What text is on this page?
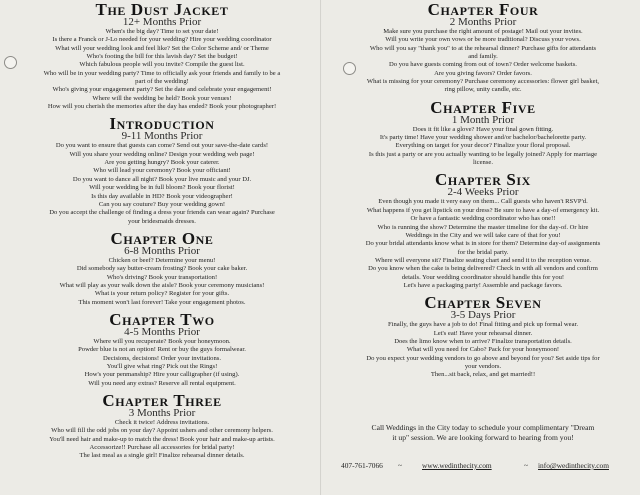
The Dust Jacket
12+ Months Prior
When's the big day? Time to set your date!
Is there a Franck or J-Lo needed for your wedding? Hire your wedding coordinator
What will your wedding look and feel like? Set the Color Scheme and/ or Theme
Who's footing the bill for this lavish day? Set the budget!
Which fabulous people will you invite? Compile the guest list.
Who will be in your wedding party? Time to officially ask your friends and family to be a
part of the wedding!
Who's giving your engagement party? Set the date and celebrate your engagement!
Where will the wedding be held? Book your venues!
How will you cherish the memories after the day has ended? Book your photographer!
Introduction
9-11 Months Prior
Do you want to ensure that guests can come? Send out your save-the-date cards!
Will you share your wedding online? Design your wedding web page!
Are you getting hungry? Book your caterer.
Who will lead your ceremony? Book your officiant!
Do you want to dance all night? Book your live music and your DJ.
Will your wedding be in full bloom? Book your florist!
Is this day available in HD? Book your videographer!
Can you say couture? Buy your wedding gown!
Do you accept the challenge of finding a dress your friends can wear again? Purchase
your bridesmaids dresses.
Chapter One
6-8 Months Prior
Chicken or beef? Determine your menu!
Did somebody say butter-cream frosting? Book your cake baker.
Who's driving? Book your transportation!
What will play as your walk down the aisle? Book your ceremony musicians!
What is your return policy? Register for your gifts.
This moment won't last forever! Take your engagement photos.
Chapter Two
4-5 Months Prior
Where will you recuperate? Book your honeymoon.
Powder blue is not an option! Rent or buy the guys formalwear.
Decisions, decisions! Order your invitations.
You'll give what ring? Pick out the Rings!
How's your penmanship? Hire your calligrapher (if using).
Will you need any extras? Reserve all rental equipment.
Chapter Three
3 Months Prior
Check it twice! Address invitations.
Who will fill the odd jobs on your day? Appoint ushers and other ceremony helpers.
You'll need hair and make-up to match the dress! Book your hair and make-up artists.
Accessorize!! Purchase all accessories for bridal party!
The last meal as a single girl! Finalize rehearsal dinner details.
Chapter Four
2 Months Prior
Make sure you purchase the right amount of postage! Mail out your invites.
Will you write your own vows or be more traditional? Discuss your vows.
Who will you say "thank you" to at the rehearsal dinner? Purchase gifts for attendants
and family.
Do you have guests coming from out of town? Order welcome baskets.
Are you giving favors? Order favors.
What is missing for your ceremony? Purchase ceremony accessories: flower girl basket,
ring pillow, unity candle, etc.
Chapter Five
1 Month Prior
Does it fit like a glove? Have your final gown fitting.
It's party time! Have your wedding shower and/or bachelor/bachelorette party.
Everything on target for your decor? Finalize your floral proposal.
Is this just a party or are you actually wanting to be legally joined? Apply for marriage
license.
Chapter Six
2-4 Weeks Prior
Even though you made it very easy on them... Call guests who haven't RSVP'd.
What happens if you get lipstick on your dress? Be sure to have a day-of emergency kit.
Or have a fantastic wedding coordinator who has one!!
Who is running the show? Determine the master timeline for the day-of. Or hire
Weddings in the City and we will take care of that for you!
Do your bridal attendants know what is in store for them? Determine day-of assignments
for the bridal party.
Where will everyone sit? Finalize seating chart and send it to the reception venue.
Do you know when the cake is being delivered? Check in with all vendors and confirm
details. Your wedding coordinator should handle this for you!
Let's have a packaging party! Assemble and package favors.
Chapter Seven
3-5 Days Prior
Finally, the guys have a job to do! Final fitting and pick up formal wear.
Let's eat! Have your rehearsal dinner.
Does the limo know when to arrive? Finalize transportation details.
What will you need for Cabo? Pack for your honeymoon!
Do you expect your wedding vendors to go above and beyond for you? Set aside tips for
your vendors.
Then...sit back, relax, and get married!!
Call Weddings in the City today to schedule your complimentary "Dream
it up" session. We are looking forward to hearing from you!
407-761-7066 ~	www.wedinthecity.com	~ info@wedinthecity.com
